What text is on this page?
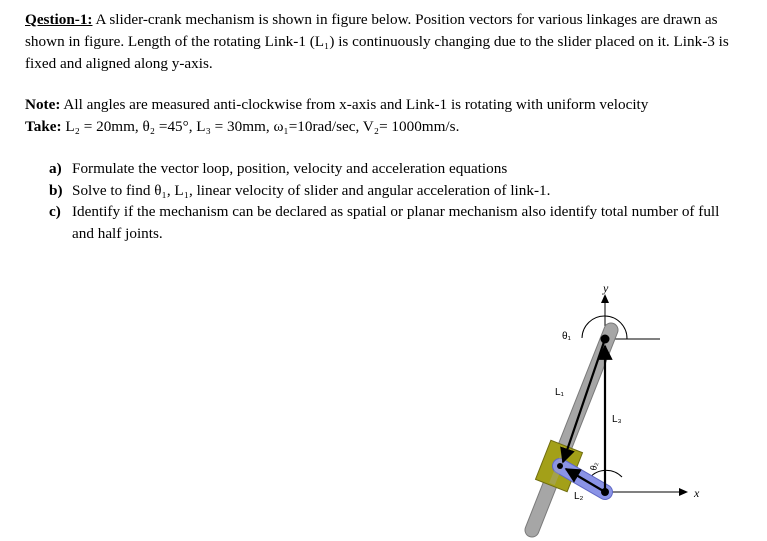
Qestion-1: A slider-crank mechanism is shown in figure below. Position vectors for various linkages are drawn as shown in figure. Length of the rotating Link-1 (L₁) is continuously changing due to the slider placed on it. Link-3 is fixed and aligned along y-axis.
Note: All angles are measured anti-clockwise from x-axis and Link-1 is rotating with uniform velocity
Take: L₂ = 20mm, θ₂ =45°, L₃ = 30mm, ω₁=10rad/sec, V₂= 1000mm/s.
a) Formulate the vector loop, position, velocity and acceleration equations
b) Solve to find θ₁, L₁, linear velocity of slider and angular acceleration of link-1.
c) Identify if the mechanism can be declared as spatial or planar mechanism also identify total number of full and half joints.
y
x
θ₁
L₁
L₃
L₂
θ₂
